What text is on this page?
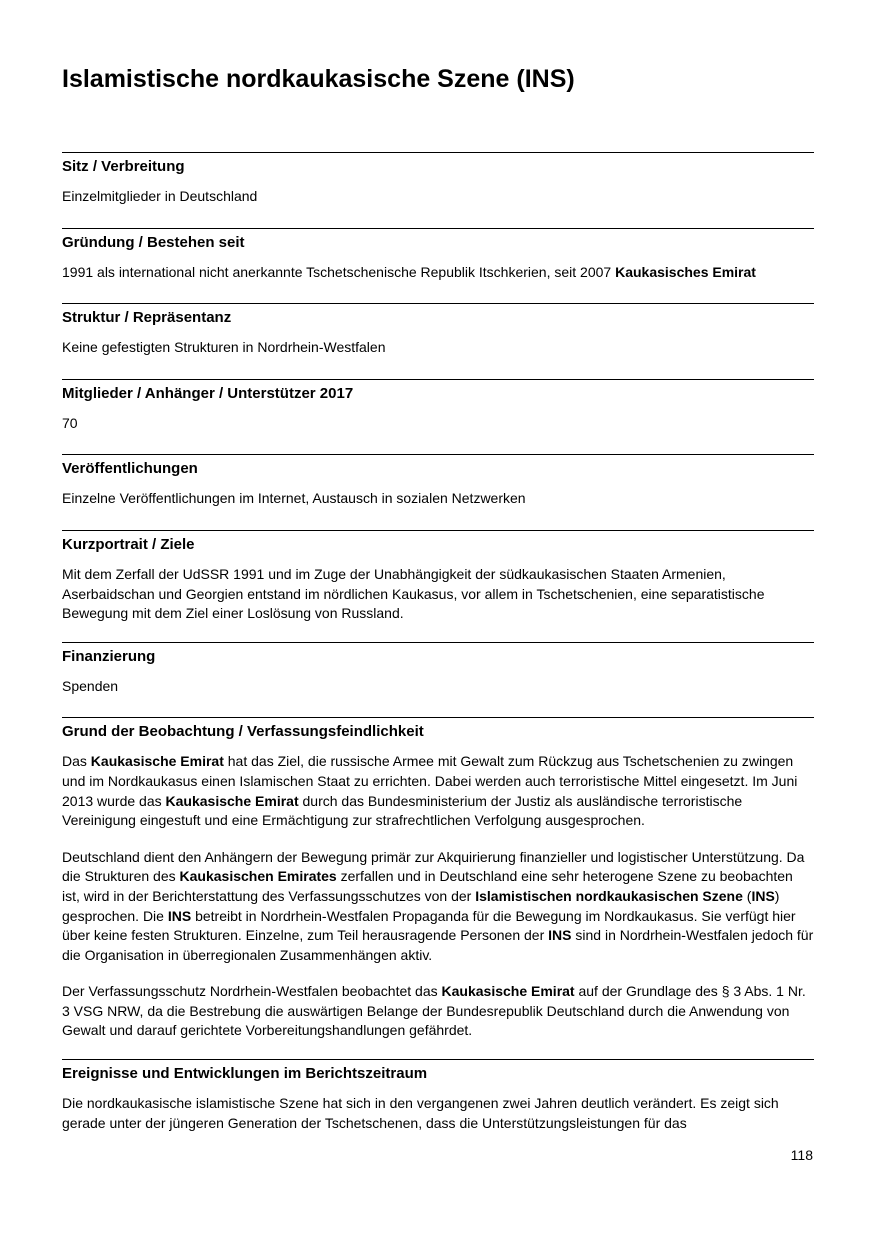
Islamistische nordkaukasische Szene (INS)
Sitz / Verbreitung

Einzelmitglieder in Deutschland

Gründung / Bestehen seit

1991 als international nicht anerkannte Tschetschenische Republik Itschkerien, seit 2007 Kaukasisches Emirat

Struktur / Repräsentanz

Keine gefestigten Strukturen in Nordrhein-Westfalen

Mitglieder / Anhänger / Unterstützer 2017

70

Veröffentlichungen

Einzelne Veröffentlichungen im Internet, Austausch in sozialen Netzwerken

Kurzportrait / Ziele

Mit dem Zerfall der UdSSR 1991 und im Zuge der Unabhängigkeit der südkaukasischen Staaten Armenien, Aserbaidschan und Georgien entstand im nördlichen Kaukasus, vor allem in Tschetschenien, eine separatistische Bewegung mit dem Ziel einer Loslösung von Russland.

Finanzierung

Spenden

Grund der Beobachtung / Verfassungsfeindlichkeit

Das Kaukasische Emirat hat das Ziel, die russische Armee mit Gewalt zum Rückzug aus Tschetschenien zu zwingen und im Nordkaukasus einen Islamischen Staat zu errichten. Dabei werden auch terroristische Mittel eingesetzt. Im Juni 2013 wurde das Kaukasische Emirat durch das Bundesministerium der Justiz als ausländische terroristische Vereinigung eingestuft und eine Ermächtigung zur strafrechtlichen Verfolgung ausgesprochen.

Deutschland dient den Anhängern der Bewegung primär zur Akquirierung finanzieller und logistischer Unterstützung. Da die Strukturen des Kaukasischen Emirates zerfallen und in Deutschland eine sehr heterogene Szene zu beobachten ist, wird in der Berichterstattung des Verfassungsschutzes von der Islamistischen nordkaukasischen Szene (INS) gesprochen. Die INS betreibt in Nordrhein-Westfalen Propaganda für die Bewegung im Nordkaukasus. Sie verfügt hier über keine festen Strukturen. Einzelne, zum Teil herausragende Personen der INS sind in Nordrhein-Westfalen jedoch für die Organisation in überregionalen Zusammenhängen aktiv.

Der Verfassungsschutz Nordrhein-Westfalen beobachtet das Kaukasische Emirat auf der Grundlage des § 3 Abs. 1 Nr. 3 VSG NRW, da die Bestrebung die auswärtigen Belange der Bundesrepublik Deutschland durch die Anwendung von Gewalt und darauf gerichtete Vorbereitungshandlungen gefährdet.

Ereignisse und Entwicklungen im Berichtszeitraum

Die nordkaukasische islamistische Szene hat sich in den vergangenen zwei Jahren deutlich verändert. Es zeigt sich gerade unter der jüngeren Generation der Tschetschenen, dass die Unterstützungsleistungen für das

118
